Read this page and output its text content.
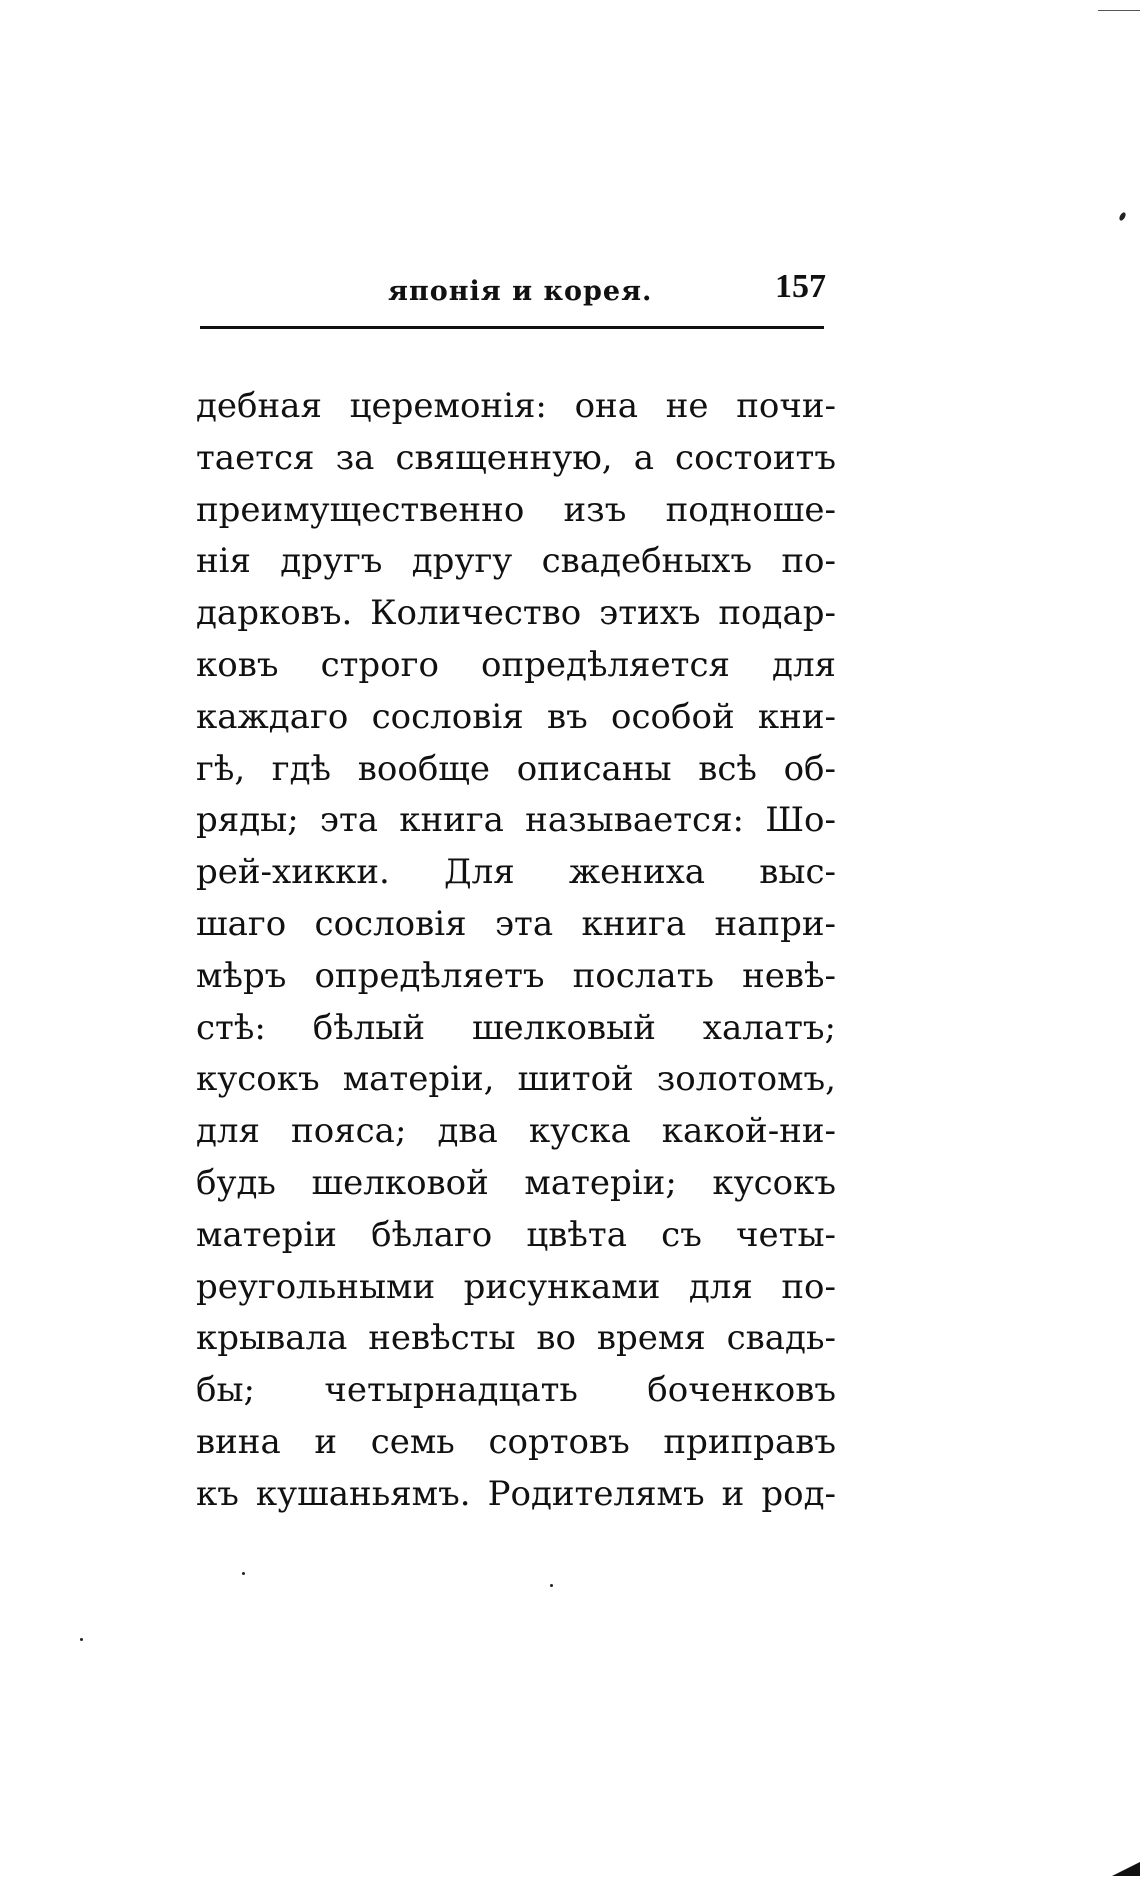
японія и корея.	157
дебная церемонія: она не почи-
тается за священную, а состоитъ
преимущественно изъ подноше-
нія другъ другу свадебныхъ по-
дарковъ. Количество этихъ подар-
ковъ строго опредѣляется для
каждаго сословія въ особой кни-
гѣ, гдѣ вообще описаны всѣ об-
ряды; эта книга называется: Шо-
рей-хикки. Для жениха выс-
шаго сословія эта книга напри-
мѣръ опредѣляетъ послать невѣ-
стѣ: бѣлый шелковый халатъ;
кусокъ матеріи, шитой золотомъ,
для пояса; два куска какой-ни-
будь шелковой матеріи; кусокъ
матеріи бѣлаго цвѣта съ четы-
реугольными рисунками для по-
крывала невѣсты во время свадь-
бы; четырнадцать боченковъ
вина и семь сортовъ приправъ
къ кушаньямъ. Родителямъ и род-
